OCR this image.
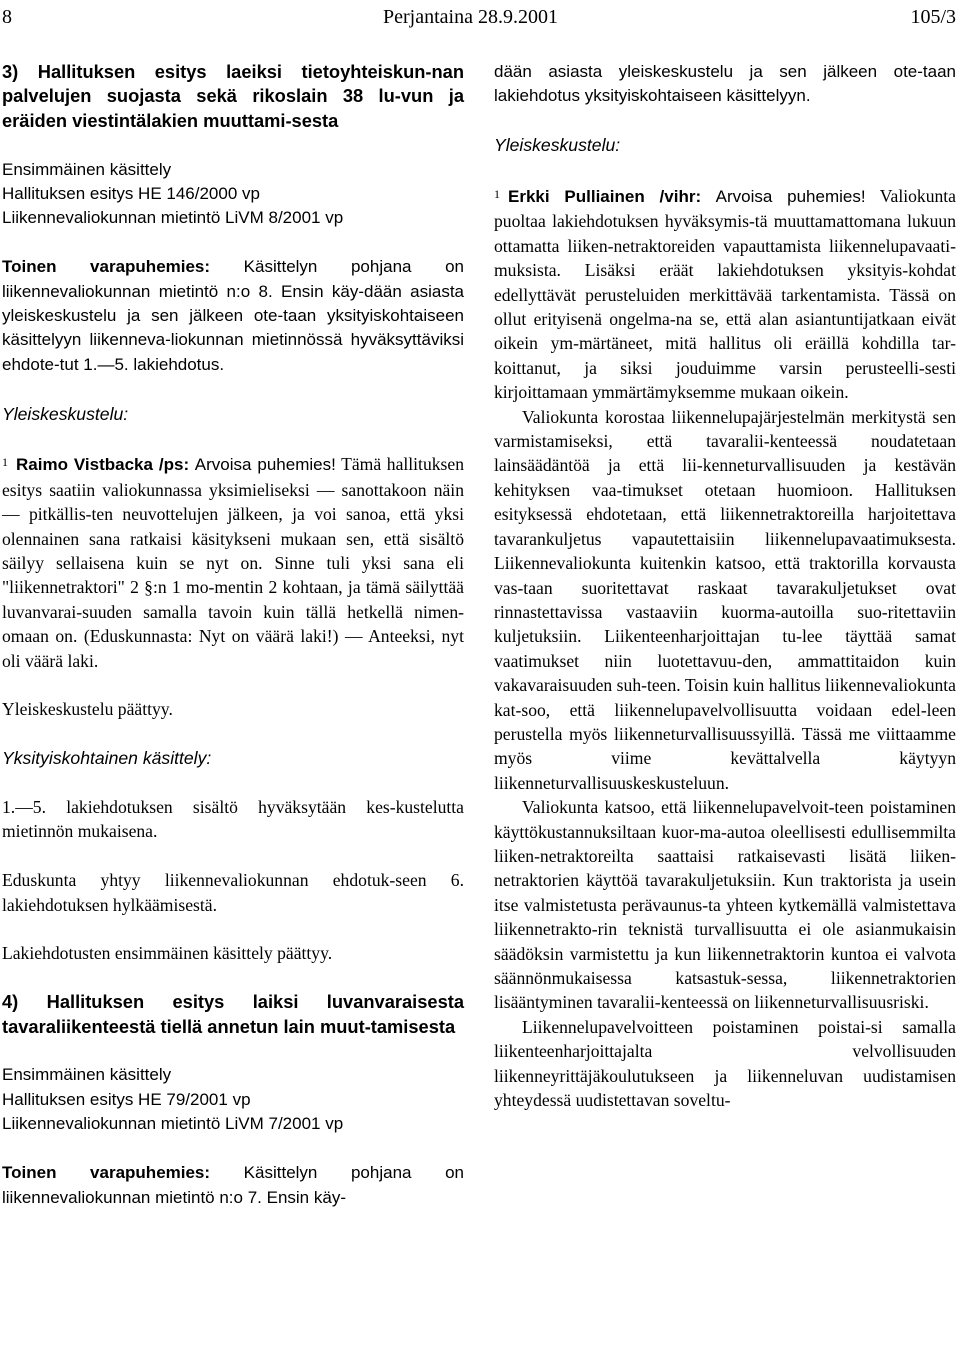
8	Perjantaina 28.9.2001	105/3

3) Hallituksen esitys laeiksi tietoyhteiskun-nan palvelujen suojasta sekä rikoslain 38 lu-vun ja eräiden viestintälakien muuttami-sesta

Ensimmäinen käsittely

Hallituksen esitys HE 146/2000 vp

Liikennevaliokunnan mietintö LiVM 8/2001 vp

Toinen varapuhemies: Käsittelyn pohjana on liikennevaliokunnan mietintö n:o 8. Ensin käy-dään asiasta yleiskeskustelu ja sen jälkeen ote-taan yksityiskohtaiseen käsittelyyn liikenneva-liokunnan mietinnössä hyväksyttäviksi ehdote-tut 1.—5. lakiehdotus.

Yleiskeskustelu:

$^1$ Raimo Vistbacka /ps: Arvoisa puhemies! Tämä hallituksen esitys saatiin valiokunnassa yksimieliseksi — sanottakoon näin — pitkällis-ten neuvottelujen jälkeen, ja voi sanoa, että yksi olennainen sana ratkaisi käsitykseni mukaan sen, että sisältö säilyy sellaisena kuin se nyt on. Sinne tuli yksi sana eli "liikennetraktori" 2 §:n 1 mo-mentin 2 kohtaan, ja tämä säilyttää luvanvarai-suuden samalla tavoin kuin tällä hetkellä nimen-omaan on. (Eduskunnasta: Nyt on väärä laki!) — Anteeksi, nyt oli väärä laki.

Yleiskeskustelu päättyy.

Yksityiskohtainen käsittely:

1.—5. lakiehdotuksen sisältö hyväksytään kes-kustelutta mietinnön mukaisena.

Eduskunta yhtyy liikennevaliokunnan ehdotuk-seen 6. lakiehdotuksen hylkäämisestä.

Lakiehdotusten ensimmäinen käsittely päättyy.

4) Hallituksen esitys laiksi luvanvaraisesta tavaraliikenteestä tiellä annetun lain muut-tamisesta

Ensimmäinen käsittely

Hallituksen esitys HE 79/2001 vp

Liikennevaliokunnan mietintö LiVM 7/2001 vp

Toinen varapuhemies: Käsittelyn pohjana on liikennevaliokunnan mietintö n:o 7. Ensin käy-

dään asiasta yleiskeskustelu ja sen jälkeen ote-taan lakiehdotus yksityiskohtaiseen käsittelyyn.

Yleiskeskustelu:

$^1$ Erkki Pulliainen /vihr: Arvoisa puhemies! Valiokunta puoltaa lakiehdotuksen hyväksymis-tä muuttamattomana lukuun ottamatta liiken-netraktoreiden vapauttamista liikennelupavaati-muksista. Lisäksi eräät lakiehdotuksen yksityis-kohdat edellyttävät perusteluiden merkittävää tarkentamista. Tässä on ollut erityisenä ongelma-na se, että alan asiantuntijatkaan eivät oikein ym-märtäneet, mitä hallitus oli eräillä kohdilla tar-koittanut, ja siksi jouduimme varsin perusteelli-sesti kirjoittamaan ymmärtämyksemme mukaan oikein.

Valiokunta korostaa liikennelupajärjestelmän merkitystä sen varmistamiseksi, että tavaralii-kenteessä noudatetaan lainsäädäntöä ja että lii-kenneturvallisuuden ja kestävän kehityksen vaa-timukset otetaan huomioon. Hallituksen esityksessä ehdotetaan, että liikennetraktoreilla harjoitettava tavarankuljetus vapautettaisiin liikennelupavaatimuksesta. Liikennevaliokunta kuitenkin katsoo, että traktorilla korvausta vas-taan suoritettavat raskaat tavarakuljetukset ovat rinnastettavissa vastaaviin kuorma-autoilla suo-ritettaviin kuljetuksiin. Liikenteenharjoittajan tu-lee täyttää samat vaatimukset niin luotettavuu-den, ammattitaidon kuin vakavaraisuuden suh-teen. Toisin kuin hallitus liikennevaliokunta kat-soo, että liikennelupavelvollisuutta voidaan edel-leen perustella myös liikenneturvallisuussyillä. Tässä me viittaamme myös viime kevättalvella käytyyn liikenneturvallisuuskeskusteluun.

Valiokunta katsoo, että liikennelupavelvoit-teen poistaminen käyttökustannuksiltaan kuor-ma-autoa oleellisesti edullisemmilta liiken-netraktoreilta saattaisi ratkaisevasti lisätä liiken-netraktorien käyttöä tavarakuljetuksiin. Kun traktorista ja usein itse valmistetusta perävaunus-ta yhteen kytkemällä valmistettava liikennetrakto-rin teknistä turvallisuutta ei ole asianmukaisin säädöksin varmistettu ja kun liikennetraktorin kuntoa ei valvota säännönmukaisessa katsastuk-sessa, liikennetraktorien lisääntyminen tavaralii-kenteessä on liikenneturvallisuusriski.

Liikennelupavelvoitteen poistaminen poistai-si samalla liikenteenharjoittajalta velvollisuuden liikenneyrittäjäkoulutukseen ja liikenneluvan uudistamisen yhteydessä uudistettavan soveltu-
